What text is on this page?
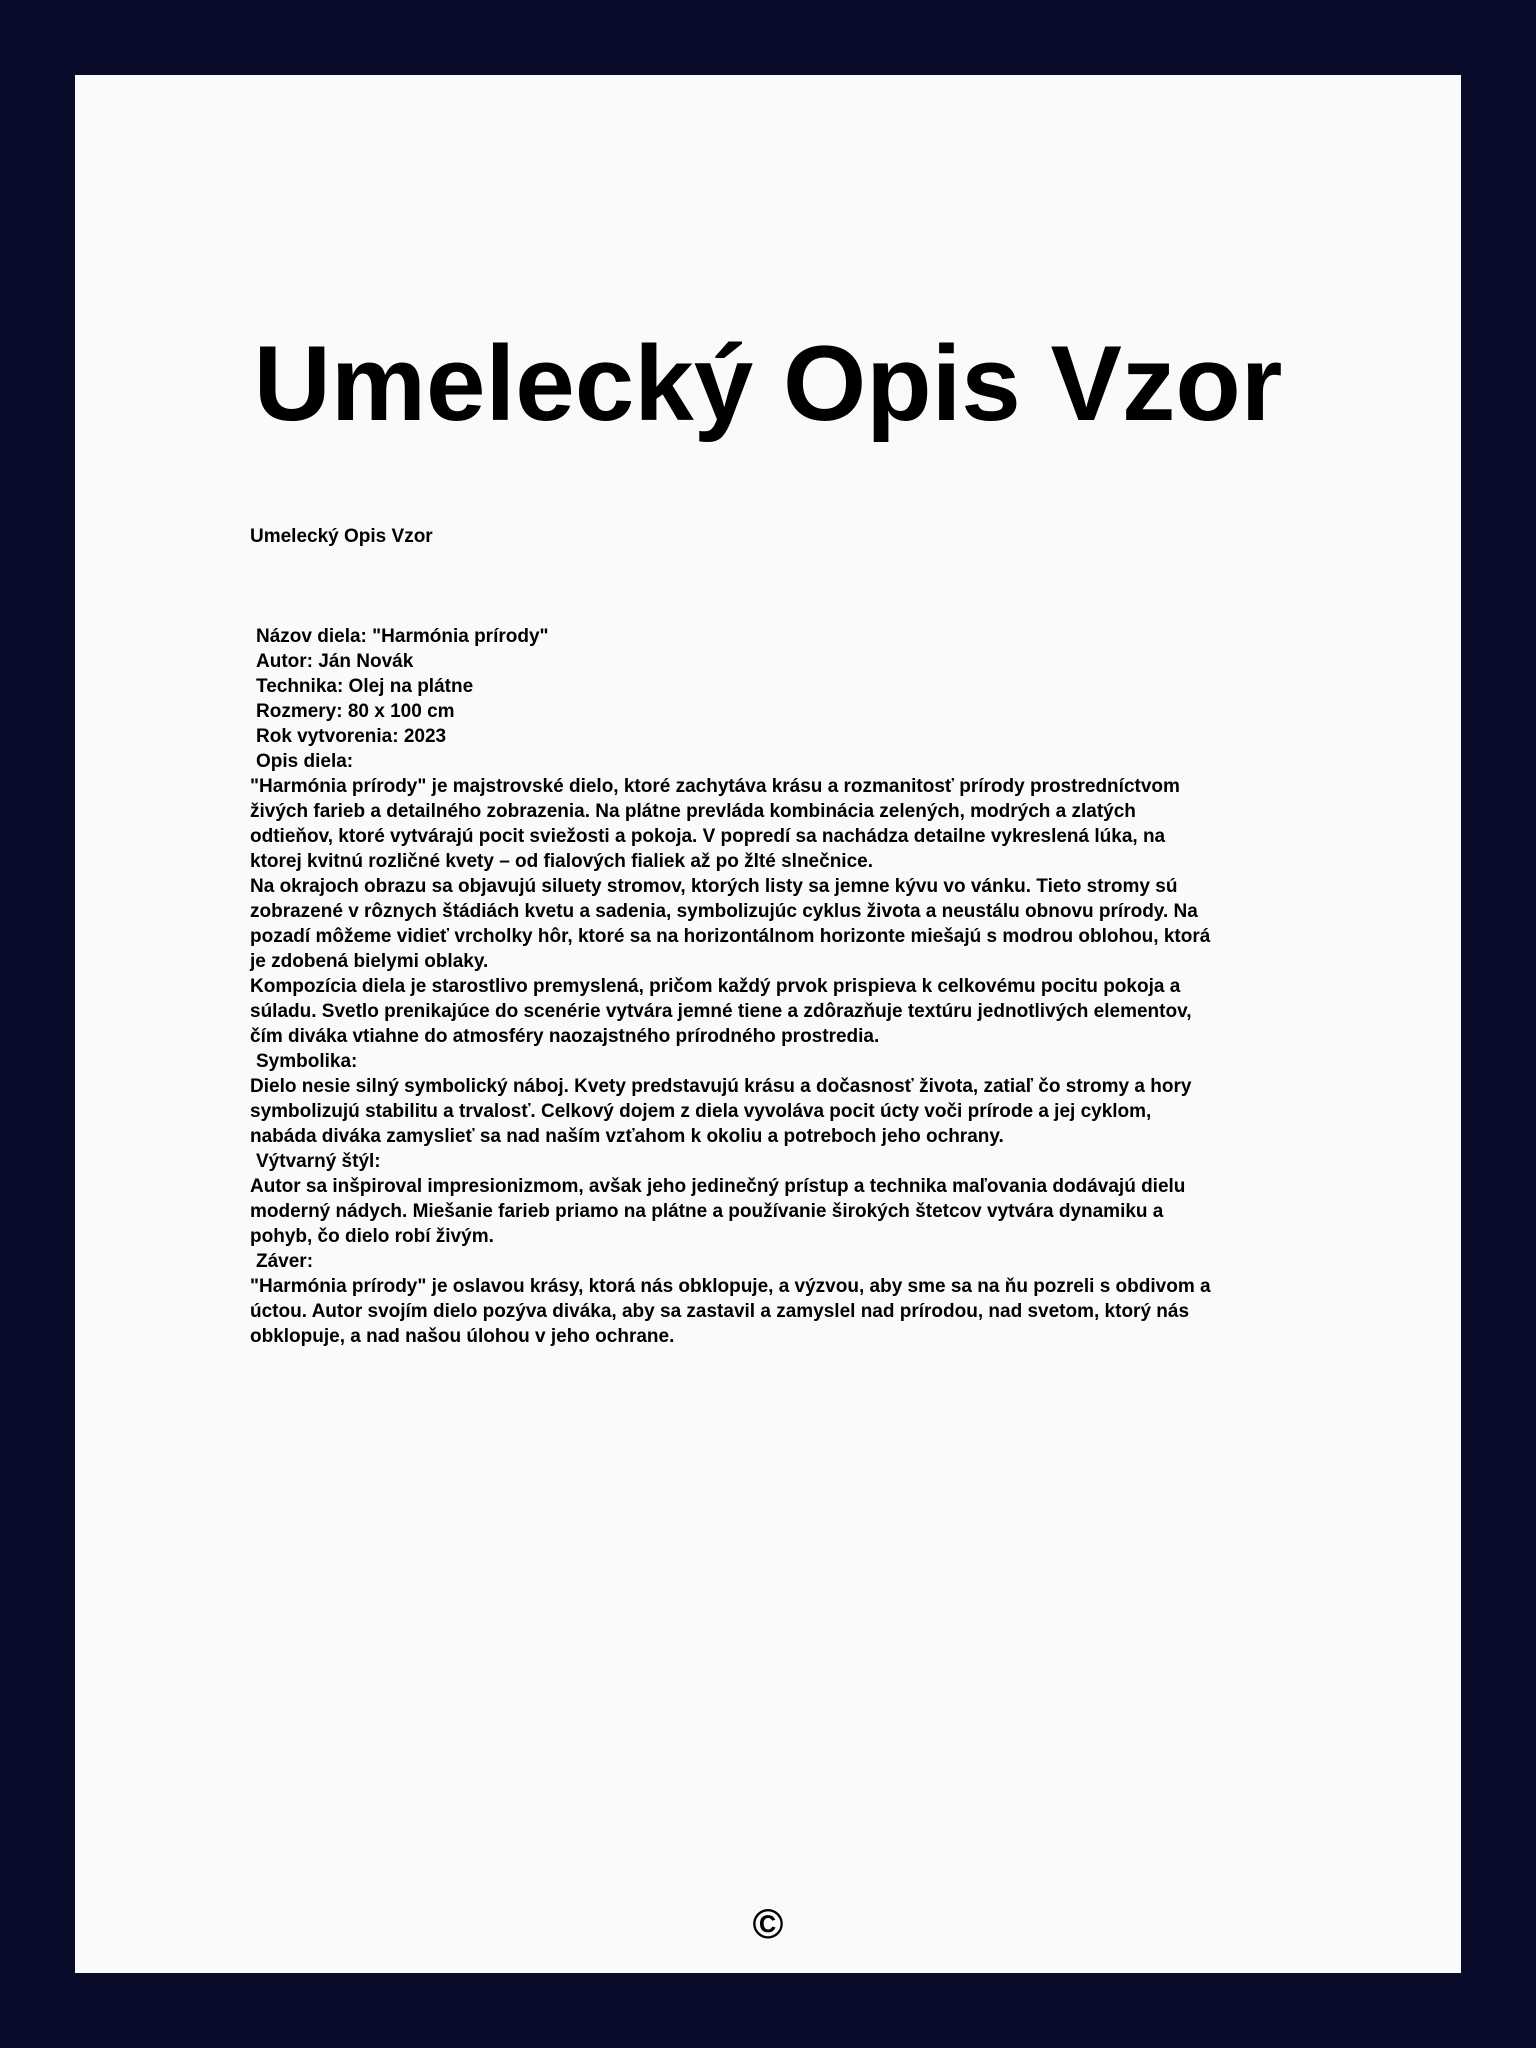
Umelecký Opis Vzor

Umelecký Opis Vzor

Názov diela: "Harmónia prírody"
Autor: Ján Novák
Technika: Olej na plátne
Rozmery: 80 x 100 cm
Rok vytvorenia: 2023
Opis diela:
"Harmónia prírody" je majstrovské dielo, ktoré zachytáva krásu a rozmanitosť prírody prostredníctvom
živých farieb a detailného zobrazenia. Na plátne prevláda kombinácia zelených, modrých a zlatých
odtieňov, ktoré vytvárajú pocit sviežosti a pokoja. V popredí sa nachádza detailne vykreslená lúka, na
ktorej kvitnú rozličné kvety – od fialových fialiek až po žlté slnečnice.
Na okrajoch obrazu sa objavujú siluety stromov, ktorých listy sa jemne kývu vo vánku. Tieto stromy sú
zobrazené v rôznych štádiách kvetu a sadenia, symbolizujúc cyklus života a neustálu obnovu prírody. Na
pozadí môžeme vidieť vrcholky hôr, ktoré sa na horizontálnom horizonte miešajú s modrou oblohou, ktorá
je zdobená bielymi oblaky.
Kompozícia diela je starostlivo premyslená, pričom každý prvok prispieva k celkovému pocitu pokoja a
súladu. Svetlo prenikajúce do scenérie vytvára jemné tiene a zdôrazňuje textúru jednotlivých elementov,
čím diváka vtiahne do atmosféry naozajstného prírodného prostredia.
Symbolika:
Dielo nesie silný symbolický náboj. Kvety predstavujú krásu a dočasnosť života, zatiaľ čo stromy a hory
symbolizujú stabilitu a trvalosť. Celkový dojem z diela vyvoláva pocit úcty voči prírode a jej cyklom,
nabáda diváka zamyslieť sa nad naším vzťahom k okoliu a potreboch jeho ochrany.
Výtvarný štýl:
Autor sa inšpiroval impresionizmom, avšak jeho jedinečný prístup a technika maľovania dodávajú dielu
moderný nádych. Miešanie farieb priamo na plátne a používanie širokých štetcov vytvára dynamiku a
pohyb, čo dielo robí živým.
Záver:
"Harmónia prírody" je oslavou krásy, ktorá nás obklopuje, a výzvou, aby sme sa na ňu pozreli s obdivom a
úctou. Autor svojím dielo pozýva diváka, aby sa zastavil a zamyslel nad prírodou, nad svetom, ktorý nás
obklopuje, a nad našou úlohou v jeho ochrane.
©
